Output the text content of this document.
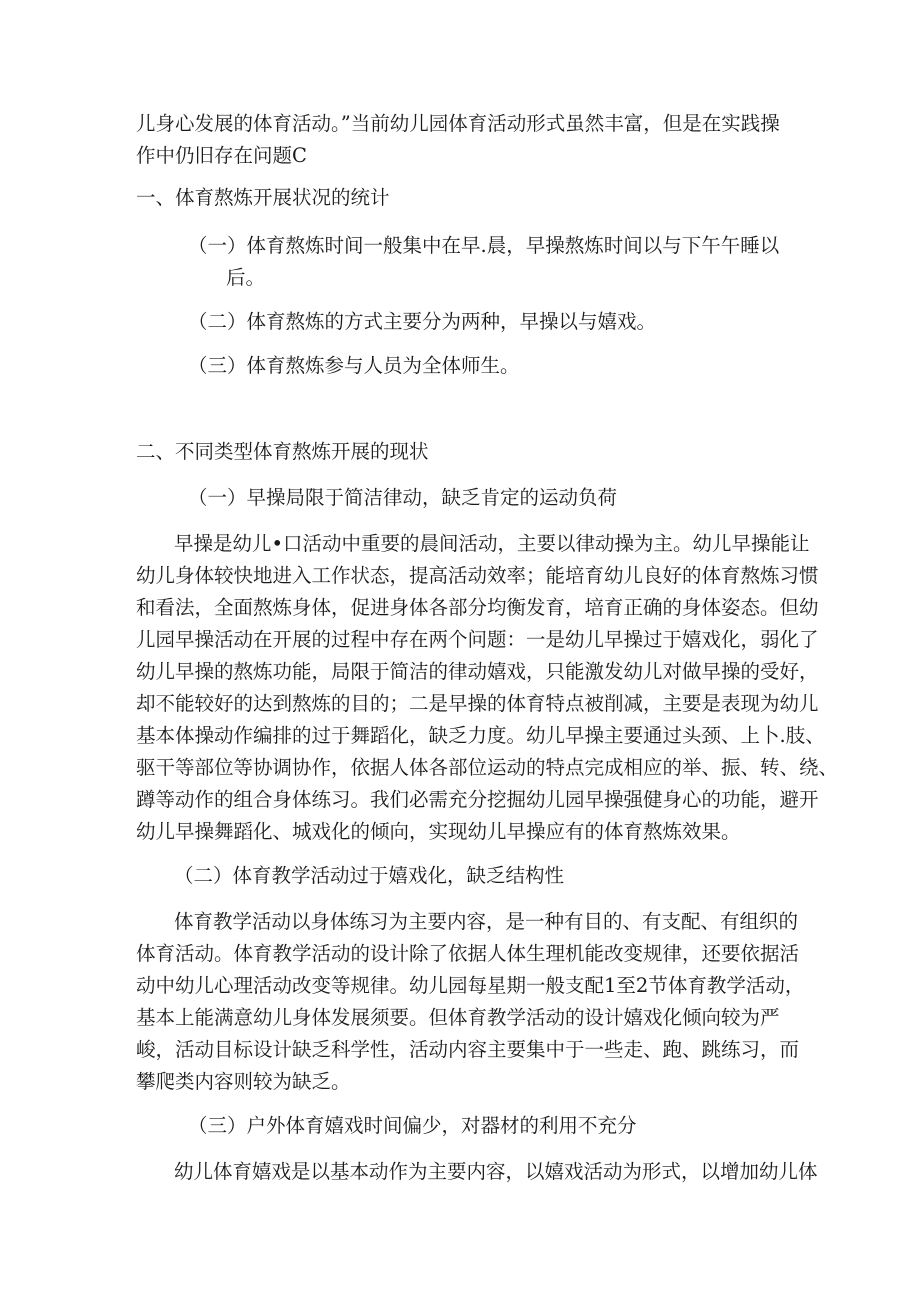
儿身心发展的体育活动。”当前幼儿园体育活动形式虽然丰富，但是在实践操

作中仍旧存在问题C

一、体育熬炼开展状况的统计

（一）体育熬炼时间一般集中在早.晨，早操熬炼时间以与下午午睡以

后。

（二）体育熬炼的方式主要分为两种，早操以与嬉戏。

（三）体育熬炼参与人员为全体师生。

二、不同类型体育熬炼开展的现状

（一）早操局限于简洁律动，缺乏肯定的运动负荷

早操是幼儿•口活动中重要的晨间活动，主要以律动操为主。幼儿早操能让

幼儿身体较快地进入工作状态，提高活动效率；能培育幼儿良好的体育熬炼习惯

和看法，全面熬炼身体，促进身体各部分均衡发育，培育正确的身体姿态。但幼

儿园早操活动在开展的过程中存在两个问题：一是幼儿早操过于嬉戏化，弱化了

幼儿早操的熬炼功能，局限于简洁的律动嬉戏，只能激发幼儿对做早操的受好，

却不能较好的达到熬炼的目的；二是早操的体育特点被削减，主要是表现为幼儿

基本体操动作编排的过于舞蹈化，缺乏力度。幼儿早操主要通过头颈、上卜.肢、

驱干等部位等协调协作，依据人体各部位运动的特点完成相应的举、振、转、绕、

蹲等动作的组合身体练习。我们必需充分挖掘幼儿园早操强健身心的功能，避开

幼儿早操舞蹈化、城戏化的倾向，实现幼儿早操应有的体育熬炼效果。

（二）体育教学活动过于嬉戏化，缺乏结构性

体育教学活动以身体练习为主要内容，是一种有目的、有支配、有组织的

体育活动。体育教学活动的设计除了依据人体生理机能改变规律，还要依据活

动中幼儿心理活动改变等规律。幼儿园每星期一般支配1至2节体育教学活动，

基本上能满意幼儿身体发展须要。但体育教学活动的设计嬉戏化倾向较为严

峻，活动目标设计缺乏科学性，活动内容主要集中于一些走、跑、跳练习，而

攀爬类内容则较为缺乏。

（三）户外体育嬉戏时间偏少，对器材的利用不充分

幼儿体育嬉戏是以基本动作为主要内容，以嬉戏活动为形式，以增加幼儿体
